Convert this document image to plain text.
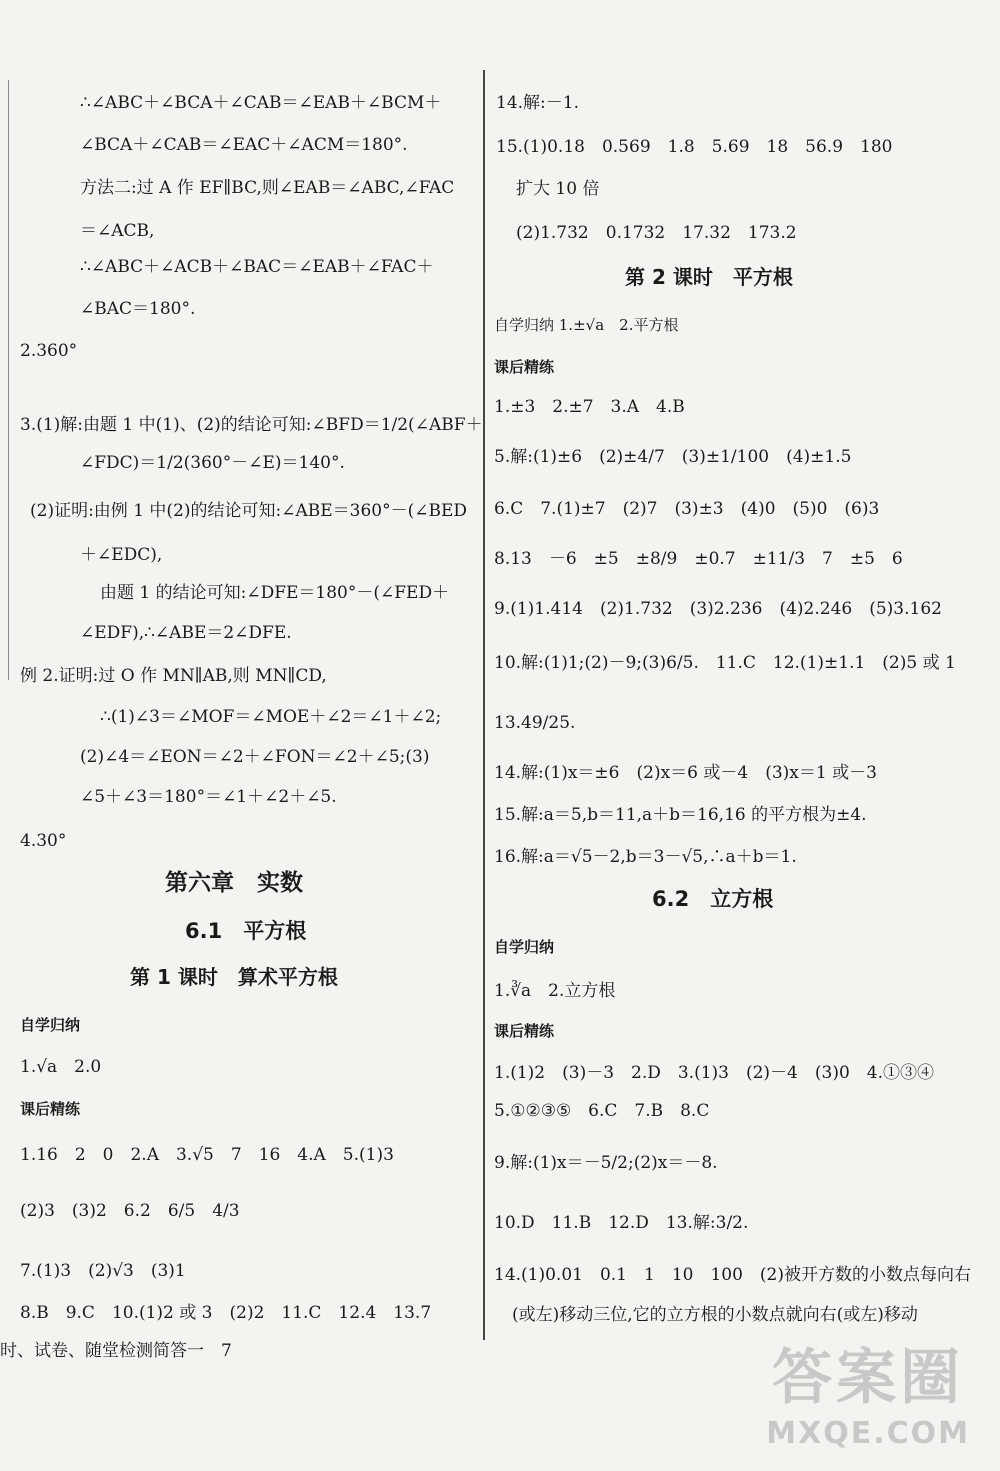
∴∠ABC＋∠BCA＋∠CAB＝∠EAB＋∠BCM＋
∠BCA＋∠CAB＝∠EAC＋∠ACM＝180°.
方法二:过 A 作 EF∥BC,则∠EAB＝∠ABC,∠FAC
＝∠ACB,
∴∠ABC＋∠ACB＋∠BAC＝∠EAB＋∠FAC＋
∠BAC＝180°.
2.360°
3.(1)解:由题 1 中(1)、(2)的结论可知:∠BFD＝1/2(∠ABF＋
∠FDC)＝1/2(360°－∠E)＝140°.
(2)证明:由例 1 中(2)的结论可知:∠ABE＝360°－(∠BED
＋∠EDC),
由题 1 的结论可知:∠DFE＝180°－(∠FED＋
∠EDF),∴∠ABE＝2∠DFE.
例 2.证明:过 O 作 MN∥AB,则 MN∥CD,
∴(1)∠3＝∠MOF＝∠MOE＋∠2＝∠1＋∠2;
(2)∠4＝∠EON＝∠2＋∠FON＝∠2＋∠5;(3)
∠5＋∠3＝180°＝∠1＋∠2＋∠5.
4.30°
第六章　实数
6.1　平方根
第 1 课时　算术平方根
自学归纳
1.√a　2.0
课后精练
1.16　2　0　2.A　3.√5　7　16　4.A　5.(1)3
(2)3　(3)2　6.2　6/5　4/3
7.(1)3　(2)√3　(3)1
8.B　9.C　10.(1)2 或 3　(2)2　11.C　12.4　13.7
14.解:－1.
15.(1)0.18　0.569　1.8　5.69　18　56.9　180
扩大 10 倍
(2)1.732　0.1732　17.32　173.2
第 2 课时　平方根
自学归纳 1.±√a　2.平方根
课后精练
1.±3　2.±7　3.A　4.B
5.解:(1)±6　(2)±4/7　(3)±1/100　(4)±1.5
6.C　7.(1)±7　(2)7　(3)±3　(4)0　(5)0　(6)3
8.13　－6　±5　±8/9　±0.7　±11/3　7　±5　6
9.(1)1.414　(2)1.732　(3)2.236　(4)2.246　(5)3.162
10.解:(1)1;(2)－9;(3)6/5.　11.C　12.(1)±1.1　(2)5 或 1
13.49/25.
14.解:(1)x＝±6　(2)x＝6 或－4　(3)x＝1 或－3
15.解:a＝5,b＝11,a＋b＝16,16 的平方根为±4.
16.解:a＝√5－2,b＝3－√5,∴a＋b＝1.
6.2　立方根
自学归纳
1.∛a　2.立方根
课后精练
1.(1)2　(3)－3　2.D　3.(1)3　(2)－4　(3)0　4.①③④
5.①②③⑤　6.C　7.B　8.C
9.解:(1)x＝－5/2;(2)x＝－8.
10.D　11.B　12.D　13.解:3/2.
14.(1)0.01　0.1　1　10　100　(2)被开方数的小数点每向右
(或左)移动三位,它的立方根的小数点就向右(或左)移动
时、试卷、随堂检测简答一　7	答案圈
MXQE.COM
